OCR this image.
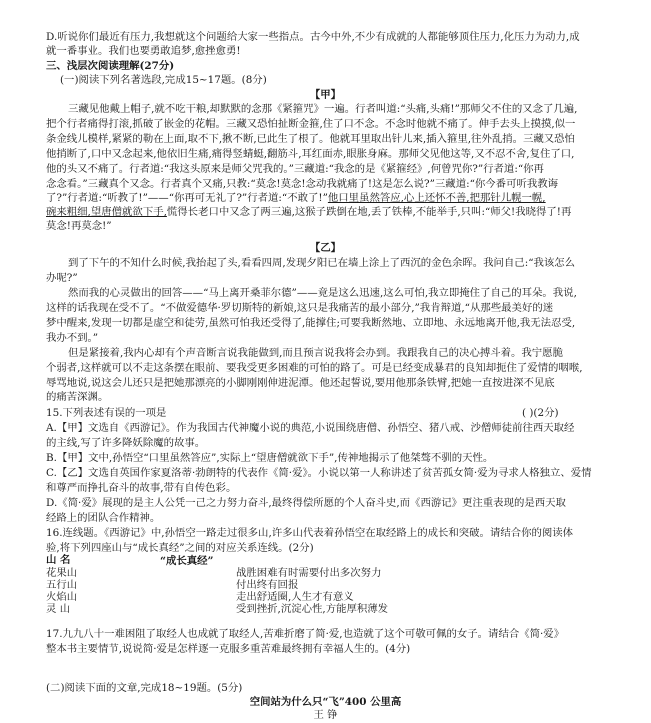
D.听说你们最近有压力,我想就这个问题给大家一些指点。古今中外,不少有成就的人都能够顶住压力,化压力为动力,成
就一番事业。我们也要勇敢追梦,愈挫愈勇!
三、浅层次阅读理解(27分)
(一)阅读下列名著选段,完成15~17题。(8分)
【甲】
三藏见他戴上帽子,就不吃干粮,却默默的念那《紧箍咒》一遍。行者叫道:“头痛,头痛!”那师父不住的又念了几遍,
把个行者痛得打滚,抓破了嵌金的花帽。三藏又恐怕扯断金箍,住了口不念。不念时他就不痛了。伸手去头上摸摸,似一
条金线儿模样,紧紧的勒在上面,取不下,揪不断,已此生了根了。他就耳里取出针儿来,插入箍里,往外乱捎。三藏又恐怕
他捎断了,口中又念起来,他依旧生痛,痛得竖蜻蜓,翻筋斗,耳红面赤,眼胀身麻。那师父见他这等,又不忍不舍,复住了口,
他的头又不痛了。行者道:“我这头原来是师父咒我的。”三藏道:“我念的是《紧箍经》,何曾咒你?”行者道:“你再
念念看。”三藏真个又念。行者真个又痛,只教:“莫念!莫念!念动我就痛了!这是怎么说?”三藏道:“你今番可听我教诲
了?”行者道:“听教了!”——“你再可无礼了?”行者道:“不敢了!”他口里虽然答应,心上还怀不善,把那针儿幌一幌,
碗来粗细,望唐僧就欲下手,慌得长老口中又念了两三遍,这猴子跌倒在地,丢了铁棒,不能举手,只叫:“师父!我晓得了!再
莫念!再莫念!”
【乙】
到了下午的不知什么时候,我抬起了头,看看四周,发现夕阳已在墙上涂上了西沉的金色余晖。我问自己:“我该怎么
办呢?”
然而我的心灵做出的回答——“马上离开桑菲尔德”——竟是这么迅速,这么可怕,我立即掩住了自己的耳朵。我说,
这样的话我现在受不了。“不做爱德华·罗切斯特的新娘,这只是我痛苦的最小部分,”我肯辩道,“从那些最美好的迷
梦中醒来,发现一切都是虚空和徒劳,虽然可怕我还受得了,能撑住;可要我断然地、立即地、永远地离开他,我无法忍受,
我办不到。”
但是紧接着,我内心却有个声音断言说我能做到,而且预言说我将会办到。我跟我自己的决心搏斗着。我宁愿脆
个弱者,这样就可以不走这条摆在眼前、要我受更多困难的可怕的路了。可是已经变成暴君的良知却扼住了爱情的咽喉,
辱骂地说,说这会儿还只是把她那漂亮的小脚刚刚伸进泥潭。他还起誓说,要用他那条铁臂,把她一直按进深不见底
的痛苦深渊。
15.下列表述有误的一项是	( )(2分)
A.【甲】文选自《西游记》。作为我国古代神魔小说的典范,小说围绕唐僧、孙悟空、猪八戒、沙僧师徒前往西天取经
的主线,写了许多降妖除魔的故事。
B.【甲】文中,孙悟空“口里虽然答应”,实际上“望唐僧就欲下手”,传神地揭示了他桀骜不驯的天性。
C.【乙】文选自英国作家夏洛蒂·勃朗特的代表作《简·爱》。小说以第一人称讲述了贫苦孤女简·爱为寻求人格独立、爱情
和尊严而挣扎奋斗的故事,带有自传色彩。
D.《简·爱》展现的是主人公凭一己之力努力奋斗,最终得偿所愿的个人奋斗史,而《西游记》更注重表现的是西天取
经路上的团队合作精神。
16.连线题。《西游记》中,孙悟空一路走过很多山,许多山代表着孙悟空在取经路上的成长和突破。请结合你的阅读体
验,将下列四座山与“成长真经”之间的对应关系连线。(2分)
山 名
花果山
五行山
火焰山
灵 山
“成长真经”
战胜困难有时需要付出多次努力
付出终有回报
走出舒适圈,人生才有意义
受到挫折,沉淀心性,方能厚积薄发
17.九九八十一难困阻了取经人也成就了取经人,苦难折磨了简·爱,也造就了这个可敬可佩的女子。请结合《简·爱》
整本书主要情节,说说简·爱是怎样逐一克服多重苦难最终拥有幸福人生的。(4分)
(二)阅读下面的文章,完成18~19题。(5分)
空间站为什么只“飞”400 公里高
王 铮
